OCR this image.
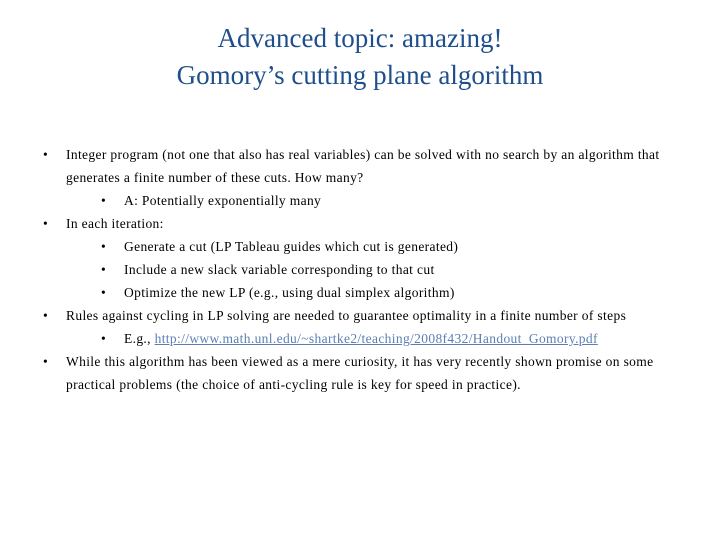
Advanced topic: amazing!
Gomory’s cutting plane algorithm
• Integer program (not one that also has real variables) can be solved with no search by an algorithm that generates a finite number of these cuts. How many?
• A: Potentially exponentially many
• In each iteration:
• Generate a cut (LP Tableau guides which cut is generated)
• Include a new slack variable corresponding to that cut
• Optimize the new LP (e.g., using dual simplex algorithm)
• Rules against cycling in LP solving are needed to guarantee optimality in a finite number of steps
• E.g., http://www.math.unl.edu/~shartke2/teaching/2008f432/Handout_Gomory.pdf
• While this algorithm has been viewed as a mere curiosity, it has very recently shown promise on some practical problems (the choice of anti-cycling rule is key for speed in practice).
